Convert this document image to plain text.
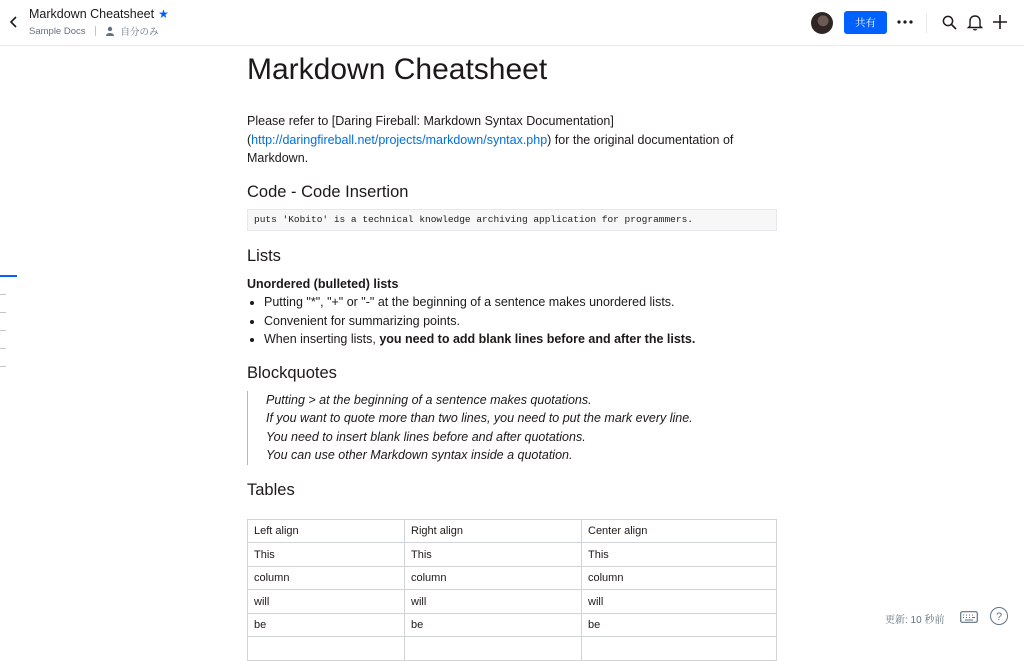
Markdown Cheatsheet ★
Sample Docs	自分のみ
共有
Markdown Cheatsheet

Please refer to [Daring Fireball: Markdown Syntax Documentation]
(http://daringfireball.net/projects/markdown/syntax.php) for the original documentation of Markdown.

Code - Code Insertion
puts 'Kobito' is a technical knowledge archiving application for programmers.
Lists
Unordered (bulleted) lists
• Putting "*", "+" or "-" at the beginning of a sentence makes unordered lists.
• Convenient for summarizing points.
• When inserting lists, you need to add blank lines before and after the lists.
Blockquotes
Putting > at the beginning of a sentence makes quotations.
If you want to quote more than two lines, you need to put the mark every line.
You need to insert blank lines before and after quotations.
You can use other Markdown syntax inside a quotation.
Tables
Left align	Right align	Center align
This	This	This
column	column	column
will	will	will
be	be	be
			更新: 10 秒前	?
